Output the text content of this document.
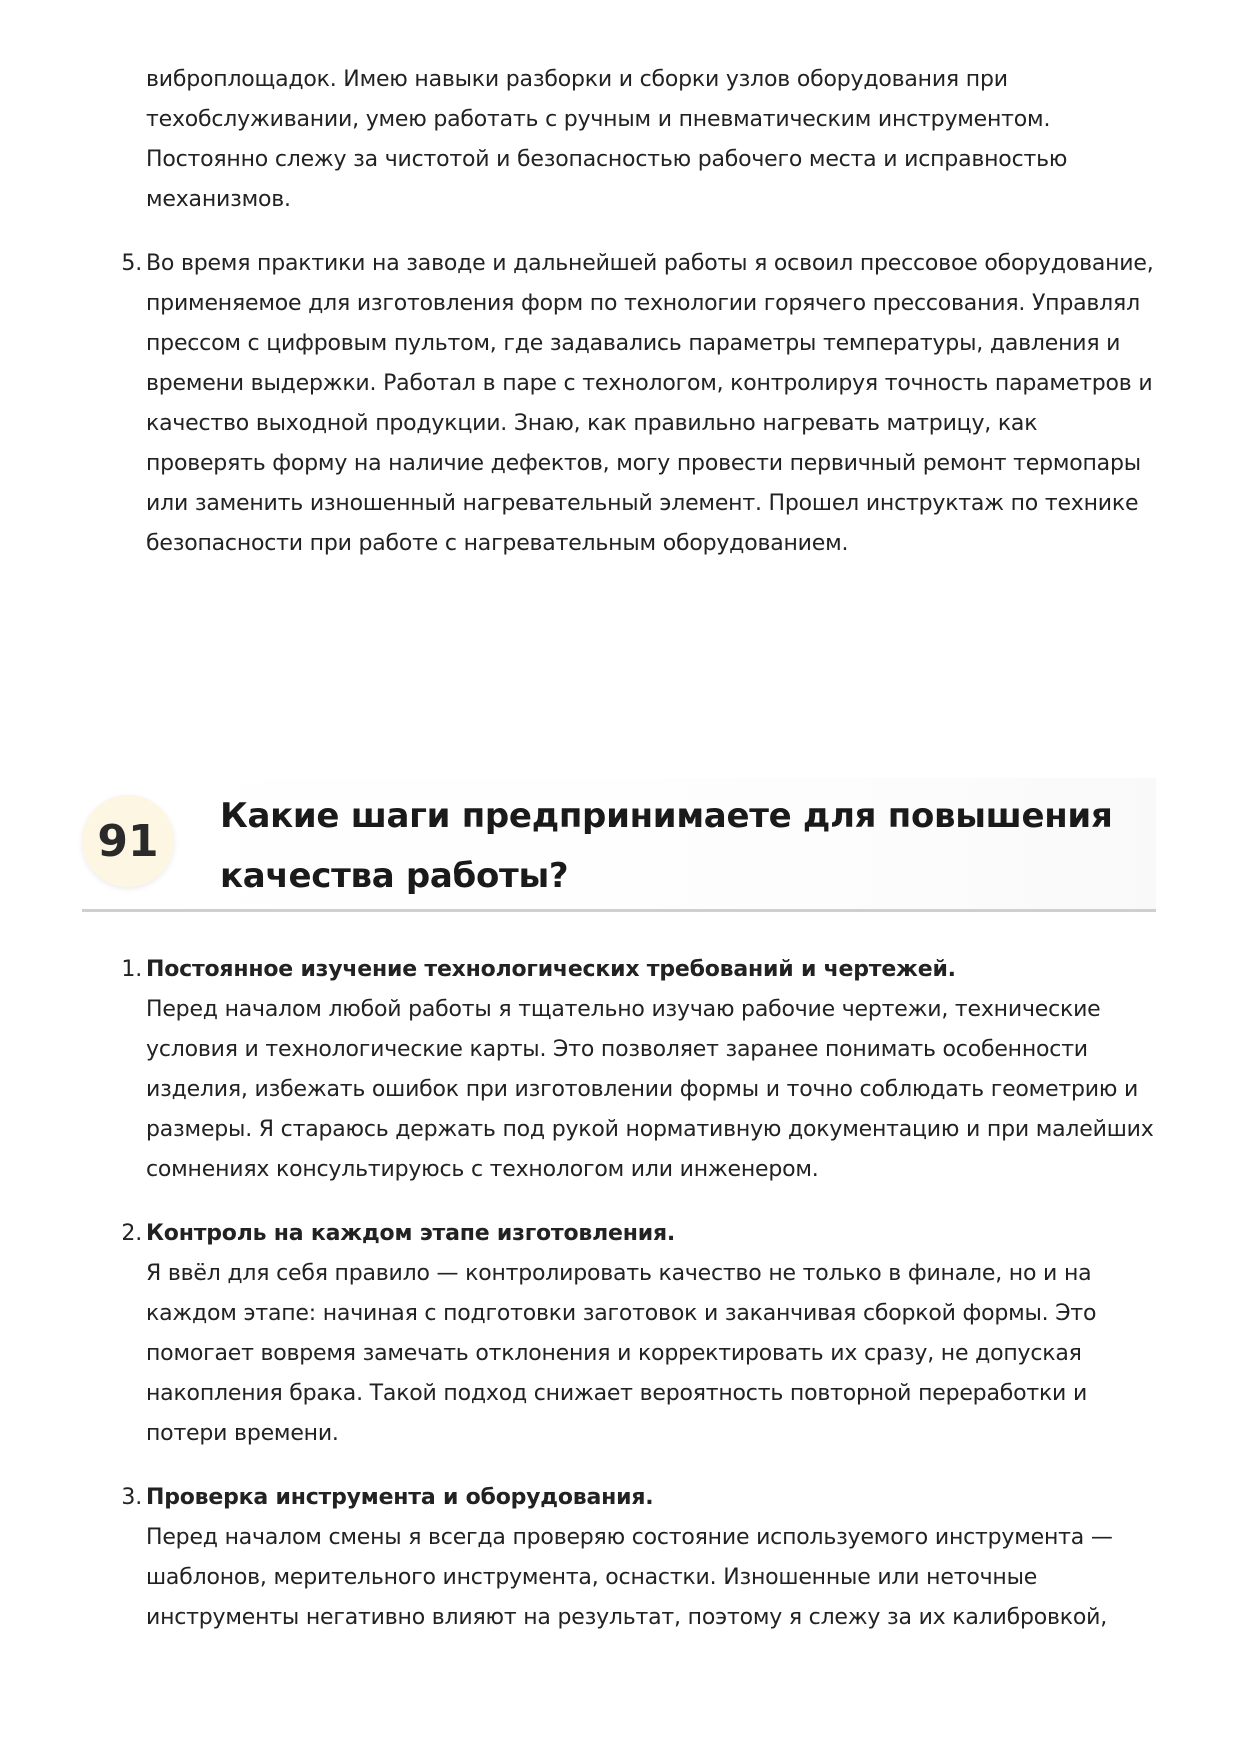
виброплощадок. Имею навыки разборки и сборки узлов оборудования при техобслуживании, умею работать с ручным и пневматическим инструментом. Постоянно слежу за чистотой и безопасностью рабочего места и исправностью механизмов.
5. Во время практики на заводе и дальнейшей работы я освоил прессовое оборудование, применяемое для изготовления форм по технологии горячего прессования. Управлял прессом с цифровым пультом, где задавались параметры температуры, давления и времени выдержки. Работал в паре с технологом, контролируя точность параметров и качество выходной продукции. Знаю, как правильно нагревать матрицу, как проверять форму на наличие дефектов, могу провести первичный ремонт термопары или заменить изношенный нагревательный элемент. Прошел инструктаж по технике безопасности при работе с нагревательным оборудованием.
91	Какие шаги предпринимаете для повышения качества работы?
1. Постоянное изучение технологических требований и чертежей.
Перед началом любой работы я тщательно изучаю рабочие чертежи, технические условия и технологические карты. Это позволяет заранее понимать особенности изделия, избежать ошибок при изготовлении формы и точно соблюдать геометрию и размеры. Я стараюсь держать под рукой нормативную документацию и при малейших сомнениях консультируюсь с технологом или инженером.
2. Контроль на каждом этапе изготовления.
Я ввёл для себя правило — контролировать качество не только в финале, но и на каждом этапе: начиная с подготовки заготовок и заканчивая сборкой формы. Это помогает вовремя замечать отклонения и корректировать их сразу, не допуская накопления брака. Такой подход снижает вероятность повторной переработки и потери времени.
3. Проверка инструмента и оборудования.
Перед началом смены я всегда проверяю состояние используемого инструмента — шаблонов, мерительного инструмента, оснастки. Изношенные или неточные инструменты негативно влияют на результат, поэтому я слежу за их калибровкой,
